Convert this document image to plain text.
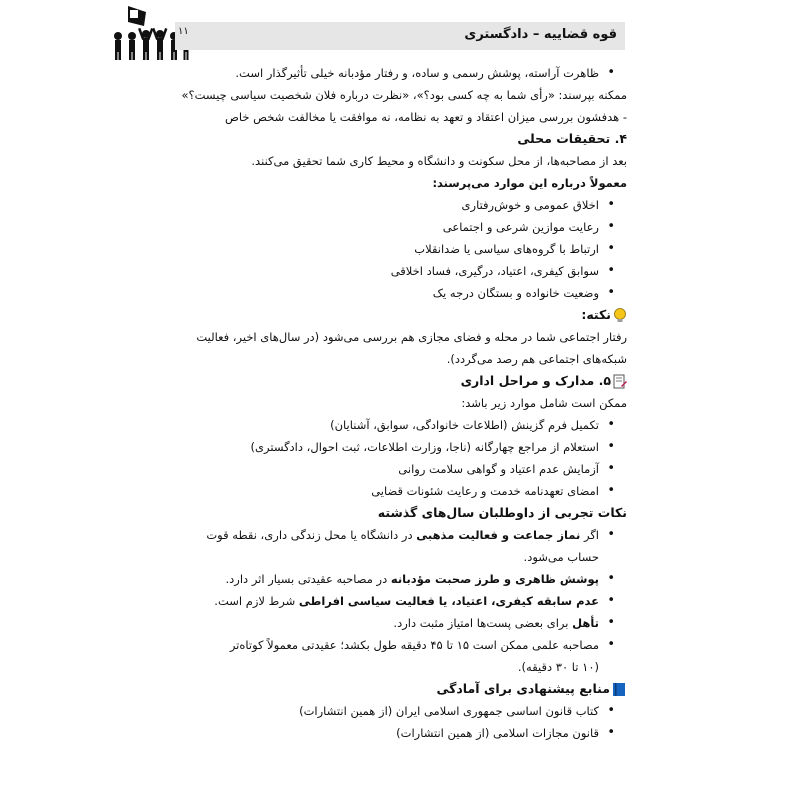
قوه قضاییه – دادگستری
۱۱
• ظاهرت آراسته، پوشش رسمی و ساده، و رفتار مؤدبانه خیلی تأثیرگذار است.
ممکنه بپرسند: «رأی شما به چه کسی بود؟»، «نظرت درباره فلان شخصیت سیاسی چیست؟»
- هدفشون بررسی میزان اعتقاد و تعهد به نظامه، نه موافقت یا مخالفت شخص خاص
۴. تحقیقات محلی
بعد از مصاحبه‌ها، از محل سکونت و دانشگاه و محیط کاری شما تحقیق می‌کنند.
معمولاً درباره این موارد می‌پرسند:
• اخلاق عمومی و خوش‌رفتاری
• رعایت موازین شرعی و اجتماعی
• ارتباط با گروه‌های سیاسی یا ضدانقلاب
• سوابق کیفری، اعتیاد، درگیری، فساد اخلاقی
• وضعیت خانواده و بستگان درجه یک
نکته:
رفتار اجتماعی شما در محله و فضای مجازی هم بررسی می‌شود (در سال‌های اخیر، فعالیت
شبکه‌های اجتماعی هم رصد می‌گردد).
۵. مدارک و مراحل اداری
ممکن است شامل موارد زیر باشد:
• تکمیل فرم گزینش (اطلاعات خانوادگی، سوابق، آشنایان)
• استعلام از مراجع چهارگانه (ناجا، وزارت اطلاعات، ثبت احوال، دادگستری)
• آزمایش عدم اعتیاد و گواهی سلامت روانی
• امضای تعهدنامه خدمت و رعایت شئونات قضایی
نکات تجربی از داوطلبان سال‌های گذشته
• اگر نماز جماعت و فعالیت مذهبی در دانشگاه یا محل زندگی داری، نقطه قوت
حساب می‌شود.
• پوشش ظاهری و طرز صحبت مؤدبانه در مصاحبه عقیدتی بسیار اثر دارد.
• عدم سابقه کیفری، اعتیاد، یا فعالیت سیاسی افراطی شرط لازم است.
• تأهل برای بعضی پست‌ها امتیاز مثبت دارد.
• مصاحبه علمی ممکن است ۱۵ تا ۴۵ دقیقه طول بکشد؛ عقیدتی معمولاً کوتاه‌تر
(۱۰ تا ۳۰ دقیقه).
منابع پیشنهادی برای آمادگی
• کتاب قانون اساسی جمهوری اسلامی ایران (از همین انتشارات)
• قانون مجازات اسلامی (از همین انتشارات)
